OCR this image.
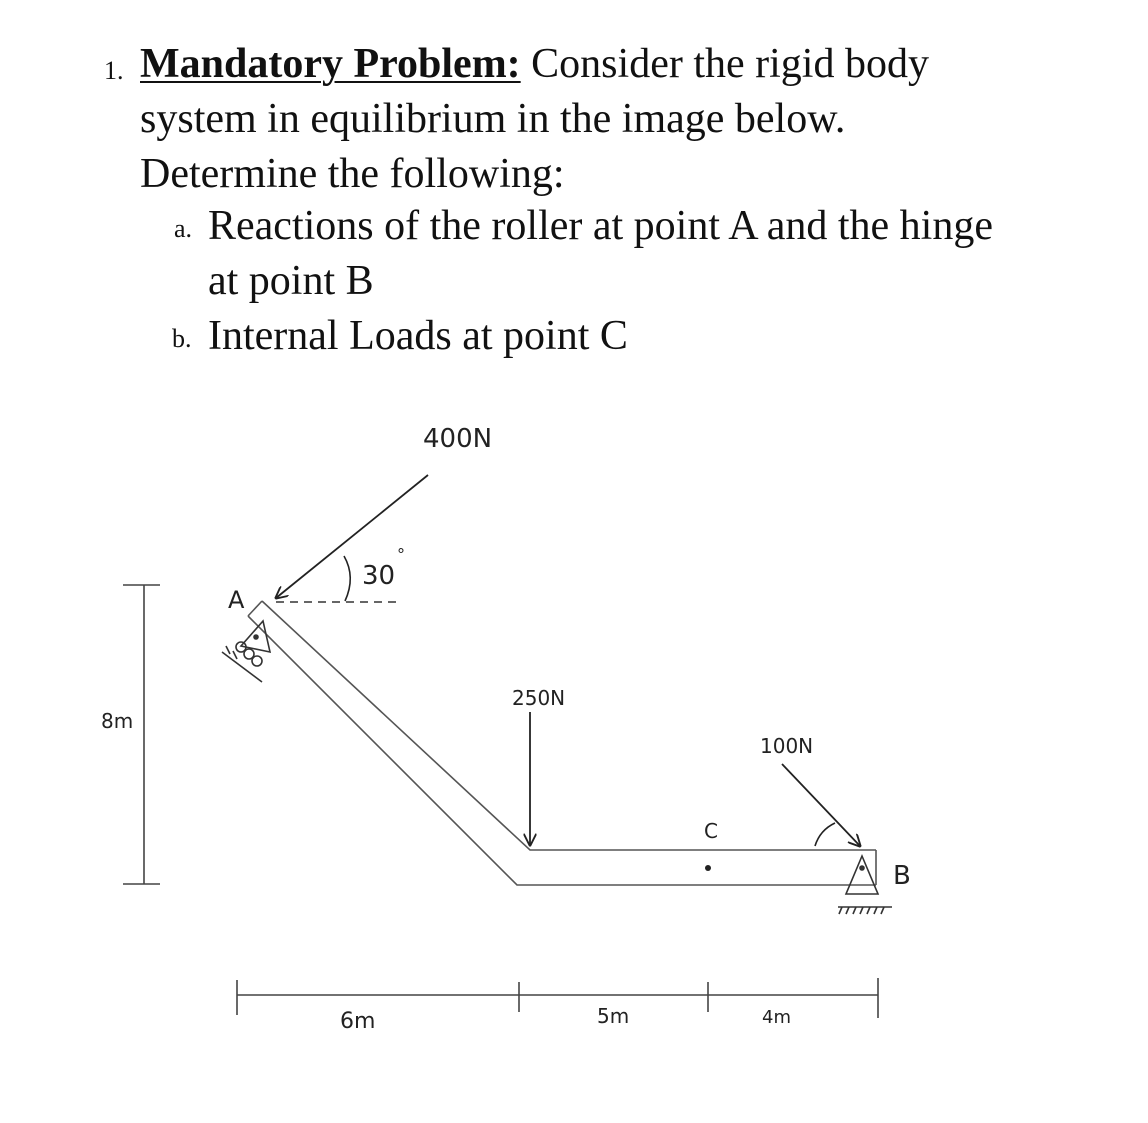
1. Mandatory Problem: Consider the rigid body
system in equilibrium in the image below.
Determine the following:
a. Reactions of the roller at point A and the hinge
at point B
b. Internal Loads at point C
A
400N
30
°
250N
C
100N
B
8m
6m	5m	4m
